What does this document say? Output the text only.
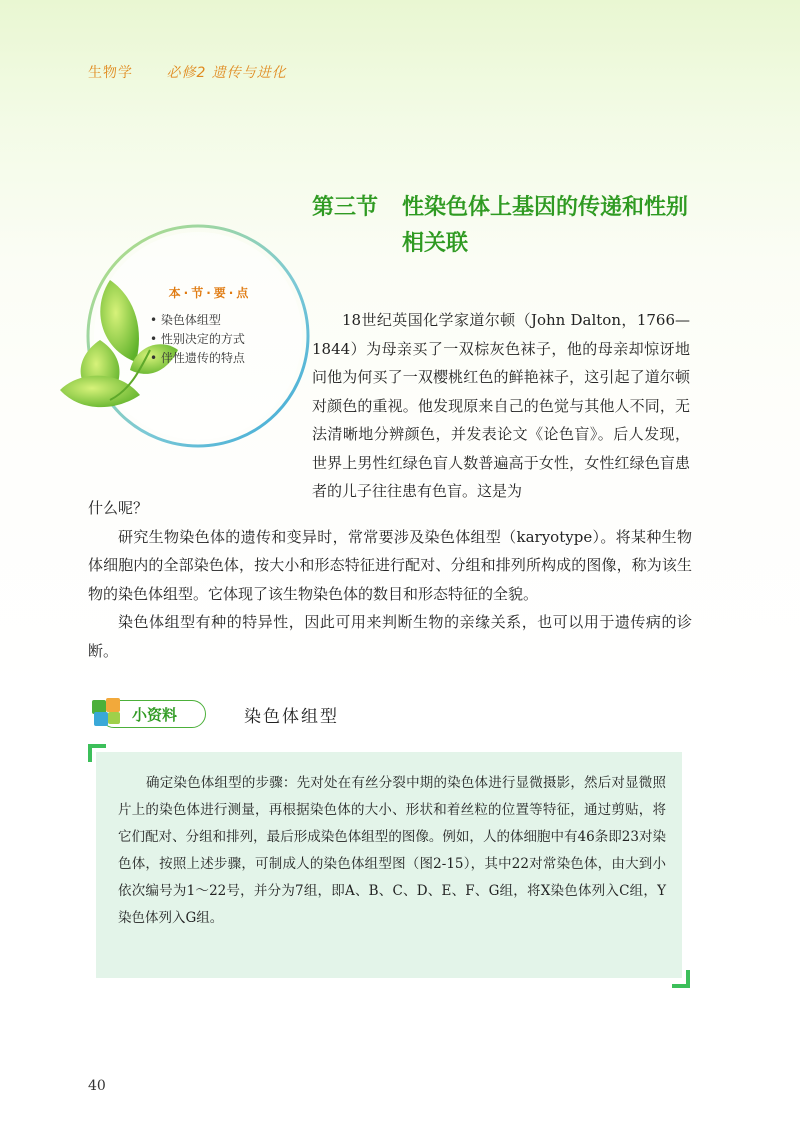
生物学 必修2 遗传与进化
第三节 性染色体上基因的传递和性别
相关联
本·节·要·点
• 染色体组型
• 性别决定的方式
• 伴性遗传的特点

18世纪英国化学家道尔顿（John Dalton，1766—1844）为母亲买了一双棕灰色袜子，他的母亲却惊讶地问他为何买了一双樱桃红色的鲜艳袜子，这引起了道尔顿对颜色的重视。他发现原来自己的色觉与其他人不同，无法清晰地分辨颜色，并发表论文《论色盲》。后人发现，世界上男性红绿色盲人数普遍高于女性，女性红绿色盲患者的儿子往往患有色盲。这是为

什么呢？

研究生物染色体的遗传和变异时，常常要涉及染色体组型（karyotype）。将某种生物体细胞内的全部染色体，按大小和形态特征进行配对、分组和排列所构成的图像，称为该生物的染色体组型。它体现了该生物染色体的数目和形态特征的全貌。

染色体组型有种的特异性，因此可用来判断生物的亲缘关系，也可以用于遗传病的诊断。

小资料	染色体组型

确定染色体组型的步骤：先对处在有丝分裂中期的染色体进行显微摄影，然后对显微照片上的染色体进行测量，再根据染色体的大小、形状和着丝粒的位置等特征，通过剪贴，将它们配对、分组和排列，最后形成染色体组型的图像。例如，人的体细胞中有46条即23对染色体，按照上述步骤，可制成人的染色体组型图（图2-15），其中22对常染色体，由大到小依次编号为1～22号，并分为7组，即A、B、C、D、E、F、G组，将X染色体列入C组，Y染色体列入G组。

40
